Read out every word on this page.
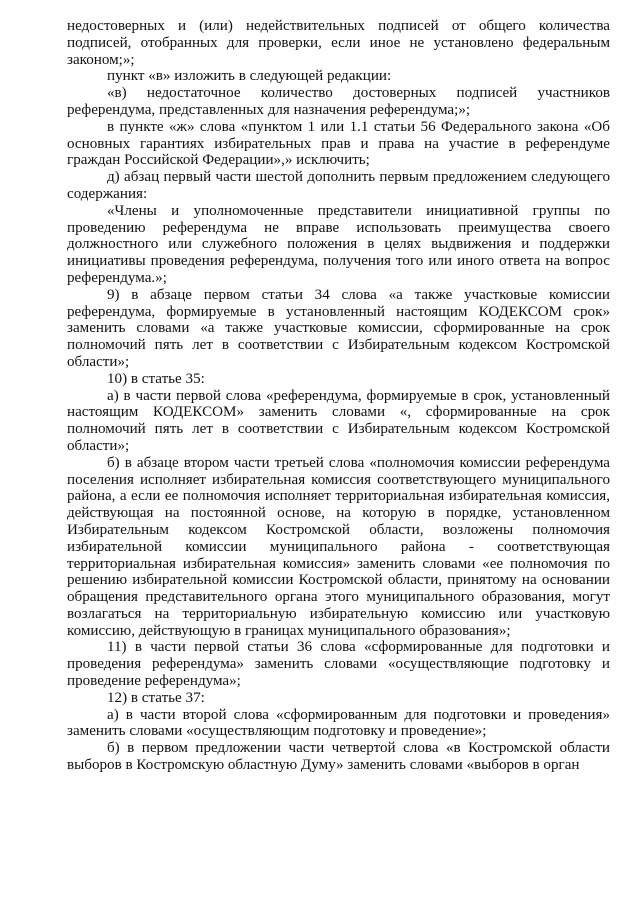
недостоверных и (или) недействительных подписей от общего количества подписей, отобранных для проверки, если иное не установлено федеральным законом;»;

пункт «в» изложить в следующей редакции:

«в) недостаточное количество достоверных подписей участников референдума, представленных для назначения референдума;»;

в пункте «ж» слова «пунктом 1 или 1.1 статьи 56 Федерального закона «Об основных гарантиях избирательных прав и права на участие в референдуме граждан Российской Федерации»,» исключить;

д) абзац первый части шестой дополнить первым предложением следующего содержания:

«Члены и уполномоченные представители инициативной группы по проведению референдума не вправе использовать преимущества своего должностного или служебного положения в целях выдвижения и поддержки инициативы проведения референдума, получения того или иного ответа на вопрос референдума.»;

9) в абзаце первом статьи 34 слова «а также участковые комиссии референдума, формируемые в установленный настоящим КОДЕКСОМ срок» заменить словами «а также участковые комиссии, сформированные на срок полномочий пять лет в соответствии с Избирательным кодексом Костромской области»;

10) в статье 35:

а) в части первой слова «референдума, формируемые в срок, установленный настоящим КОДЕКСОМ» заменить словами «, сформированные на срок полномочий пять лет в соответствии с Избирательным кодексом Костромской области»;

б) в абзаце втором части третьей слова «полномочия комиссии референдума поселения исполняет избирательная комиссия соответствующего муниципального района, а если ее полномочия исполняет территориальная избирательная комиссия, действующая на постоянной основе, на которую в порядке, установленном Избирательным кодексом Костромской области, возложены полномочия избирательной комиссии муниципального района - соответствующая территориальная избирательная комиссия» заменить словами «ее полномочия по решению избирательной комиссии Костромской области, принятому на основании обращения представительного органа этого муниципального образования, могут возлагаться на территориальную избирательную комиссию или участковую комиссию, действующую в границах муниципального образования»;

11) в части первой статьи 36 слова «сформированные для подготовки и проведения референдума» заменить словами «осуществляющие подготовку и проведение референдума»;

12) в статье 37:

а) в части второй слова «сформированным для подготовки и проведения» заменить словами «осуществляющим подготовку и проведение»;

б) в первом предложении части четвертой слова «в Костромской области выборов в Костромскую областную Думу» заменить словами «выборов в орган
